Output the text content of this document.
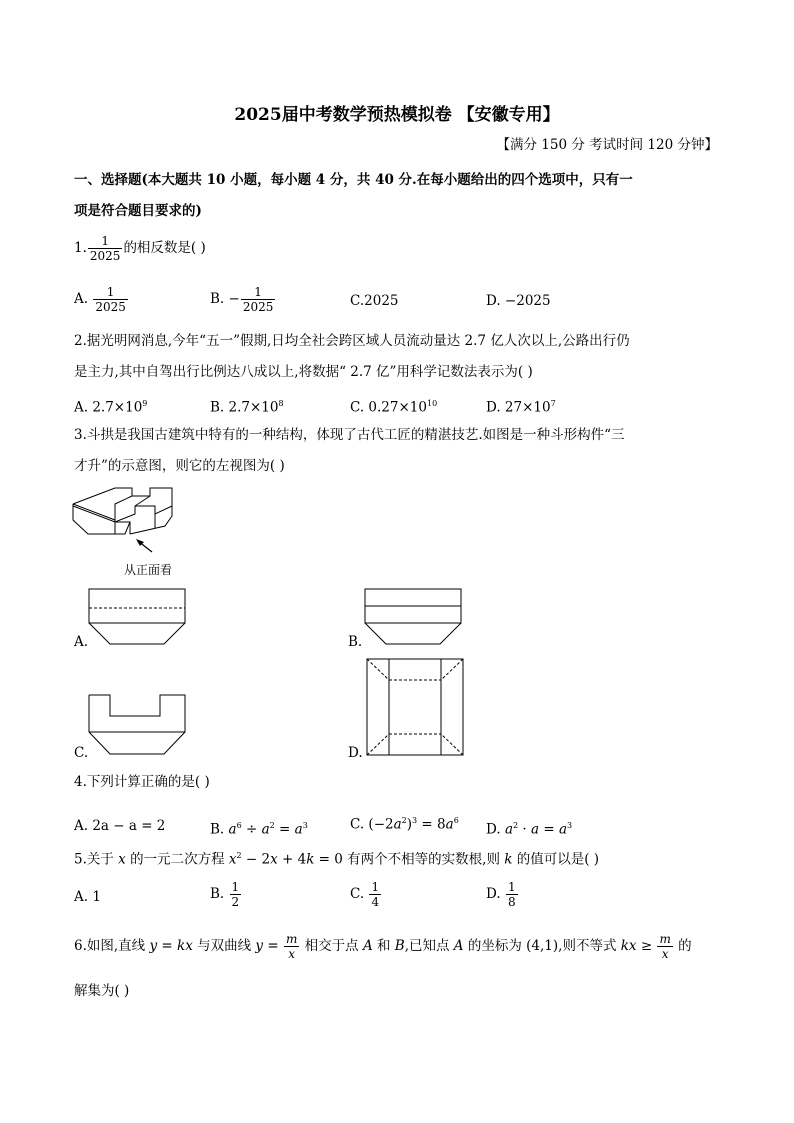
2025届中考数学预热模拟卷 【安徽专用】
【满分 150 分 考试时间 120 分钟】
一、选择题(本大题共 10 小题，每小题 4 分，共 40 分.在每小题给出的四个选项中，只有一
项是符合题目要求的)
1. $\frac{1}{2025}$ 的相反数是( )
A. $\frac{1}{2025}$	B. − $\frac{1}{2025}$	C.2025	D. −2025
2.据光明网消息,今年“五一”假期,日均全社会跨区域人员流动量达 2.7 亿人次以上,公路出行仍
是主力,其中自驾出行比例达八成以上,将数据“ 2.7 亿”用科学记数法表示为( )
A. $2.7\times 10^9$	B. $2.7\times 10^8$	C. $0.27\times 10^{10}$	D. $27\times 10^7$
3.斗拱是我国古建筑中特有的一种结构，体现了古代工匠的精湛技艺.如图是一种斗形构件“三
才升”的示意图，则它的左视图为( )
从正面看
A.	B.
C.	D.
4.下列计算正确的是( )
A. 2a − a = 2	B. $a^6 \div a^2 = a^3$	C. $(-2a^2)^3 = 8a^6$
D. $a^2 \cdot a = a^3$
5.关于 x 的一元二次方程 $x^2 - 2x + 4k = 0$ 有两个不相等的实数根,则 k 的值可以是( )
A. 1	B. $\frac{1}{2}$	C. $\frac{1}{4}$	D. $\frac{1}{8}$
6.如图,直线 y = kx 与双曲线 $y = \frac{m}{x}$ 相交于点 A 和 B,已知点 A 的坐标为 (4,1),则不等式 kx ≥ $\frac{m}{x}$ 的
解集为( )
